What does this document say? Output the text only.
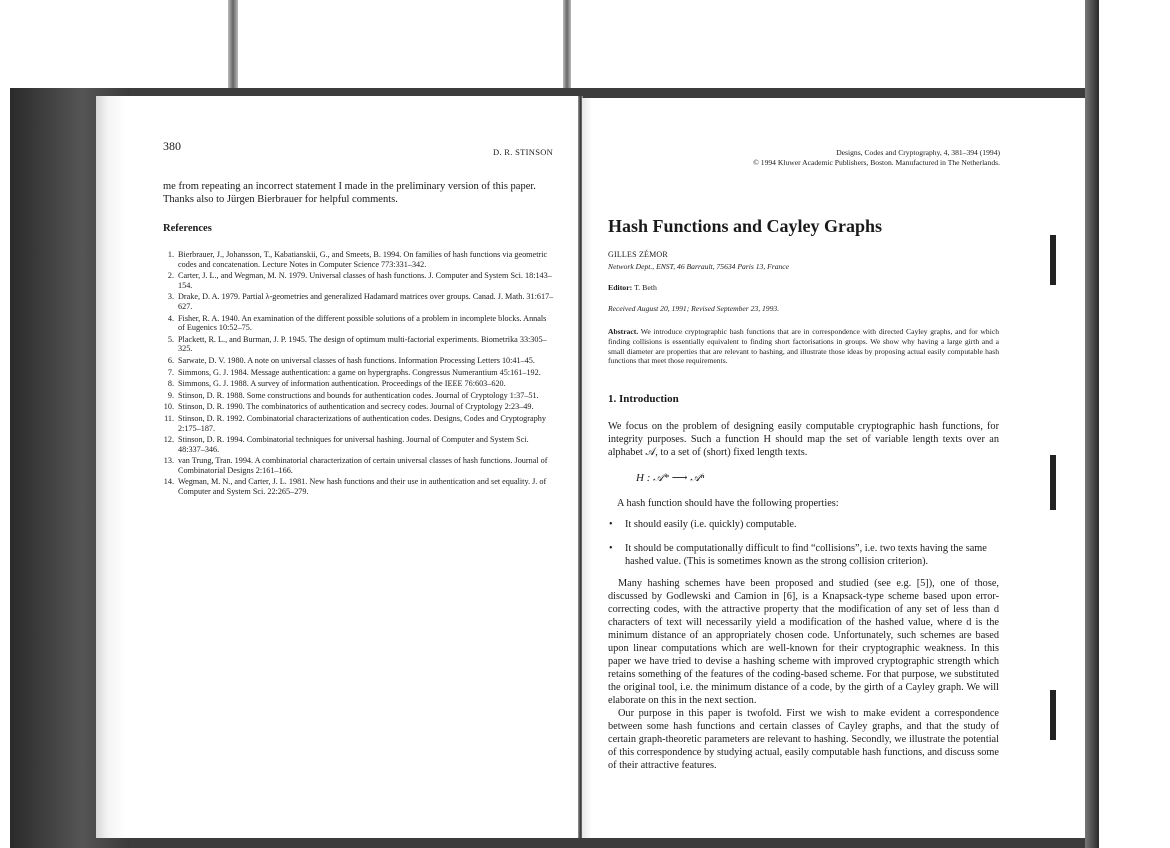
380	D. R. STINSON
me from repeating an incorrect statement I made in the preliminary version of this paper.
Thanks also to Jürgen Bierbrauer for helpful comments.
References
1. Bierbrauer, J., Johansson, T., Kabatianskii, G., and Smeets, B. 1994. On families of hash functions via geometric codes and concatenation. Lecture Notes in Computer Science 773:331–342.
2. Carter, J. L., and Wegman, M. N. 1979. Universal classes of hash functions. J. Computer and System Sci. 18:143–154.
3. Drake, D. A. 1979. Partial λ-geometries and generalized Hadamard matrices over groups. Canad. J. Math. 31:617–627.
4. Fisher, R. A. 1940. An examination of the different possible solutions of a problem in incomplete blocks. Annals of Eugenics 10:52–75.
5. Plackett, R. L., and Burman, J. P. 1945. The design of optimum multi-factorial experiments. Biometrika 33:305–325.
6. Sarwate, D. V. 1980. A note on universal classes of hash functions. Information Processing Letters 10:41–45.
7. Simmons, G. J. 1984. Message authentication: a game on hypergraphs. Congressus Numerantium 45:161–192.
8. Simmons, G. J. 1988. A survey of information authentication. Proceedings of the IEEE 76:603–620.
9. Stinson, D. R. 1988. Some constructions and bounds for authentication codes. Journal of Cryptology 1:37–51.
10. Stinson, D. R. 1990. The combinatorics of authentication and secrecy codes. Journal of Cryptology 2:23–49.
11. Stinson, D. R. 1992. Combinatorial characterizations of authentication codes. Designs, Codes and Cryptography 2:175–187.
12. Stinson, D. R. 1994. Combinatorial techniques for universal hashing. Journal of Computer and System Sci. 48:337–346.
13. van Trung, Tran. 1994. A combinatorial characterization of certain universal classes of hash functions. Journal of Combinatorial Designs 2:161–166.
14. Wegman, M. N., and Carter, J. L. 1981. New hash functions and their use in authentication and set equality. J. of Computer and System Sci. 22:265–279.
Designs, Codes and Cryptography, 4, 381–394 (1994)
© 1994 Kluwer Academic Publishers, Boston. Manufactured in The Netherlands.
Hash Functions and Cayley Graphs
GILLES ZÉMOR
Network Dept., ENST, 46 Barrault, 75634 Paris 13, France
Editor: T. Beth
Received August 20, 1991; Revised September 23, 1993.
Abstract. We introduce cryptographic hash functions that are in correspondence with directed Cayley graphs, and for which finding collisions is essentially equivalent to finding short factorisations in groups. We show why having a large girth and a small diameter are properties that are relevant to hashing, and illustrate those ideas by proposing actual easily computable hash functions that meet those requirements.
1. Introduction
We focus on the problem of designing easily computable cryptographic hash functions, for integrity purposes. Such a function H should map the set of variable length texts over an alphabet 𝒜, to a set of (short) fixed length texts.
H : 𝒜* ⟶ 𝒜ⁿ
A hash function should have the following properties:
• It should easily (i.e. quickly) computable.
• It should be computationally difficult to find “collisions”, i.e. two texts having the same
hashed value. (This is sometimes known as the strong collision criterion).

Many hashing schemes have been proposed and studied (see e.g. [5]), one of those, discussed by Godlewski and Camion in [6], is a Knapsack-type scheme based upon error-correcting codes, with the attractive property that the modification of any set of less than d characters of text will necessarily yield a modification of the hashed value, where d is the minimum distance of an appropriately chosen code. Unfortunately, such schemes are based upon linear computations which are well-known for their cryptographic weakness. In this paper we have tried to devise a hashing scheme with improved cryptographic strength which retains something of the features of the coding-based scheme. For that purpose, we substituted the original tool, i.e. the minimum distance of a code, by the girth of a Cayley graph. We will elaborate on this in the next section.

Our purpose in this paper is twofold. First we wish to make evident a correspondence between some hash functions and certain classes of Cayley graphs, and that the study of certain graph-theoretic parameters are relevant to hashing. Secondly, we illustrate the potential of this correspondence by studying actual, easily computable hash functions, and discuss some of their attractive features.
